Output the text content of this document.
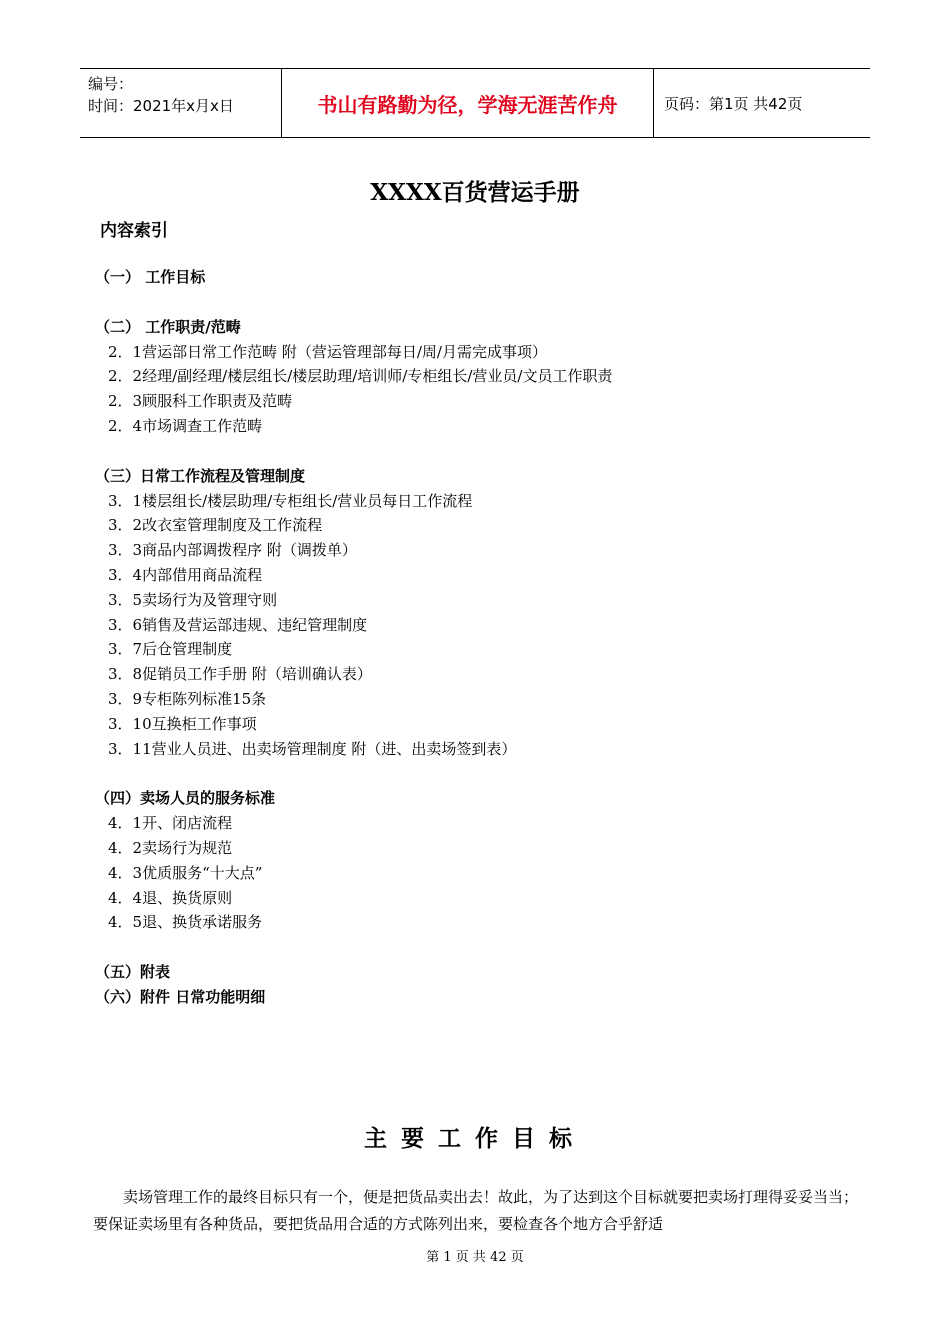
编号：
时间：2021年x月x日	书山有路勤为径，学海无涯苦作舟	页码：第1页 共42页
XXXX百货营运手册
内容索引
（一） 工作目标
（二） 工作职责/范畴
2．1营运部日常工作范畴 附（营运管理部每日/周/月需完成事项）
2．2经理/副经理/楼层组长/楼层助理/培训师/专柜组长/营业员/文员工作职责
2．3顾服科工作职责及范畴
2．4市场调查工作范畴
（三）日常工作流程及管理制度
3．1楼层组长/楼层助理/专柜组长/营业员每日工作流程
3．2改衣室管理制度及工作流程
3．3商品内部调拨程序 附（调拨单）
3．4内部借用商品流程
3．5卖场行为及管理守则
3．6销售及营运部违规、违纪管理制度
3．7后仓管理制度
3．8促销员工作手册 附（培训确认表）
3．9专柜陈列标准15条
3．10互换柜工作事项
3．11营业人员进、出卖场管理制度 附（进、出卖场签到表）
（四）卖场人员的服务标准
4．1开、闭店流程
4．2卖场行为规范
4．3优质服务“十大点”
4．4退、换货原则
4．5退、换货承诺服务
（五）附表
（六）附件 日常功能明细
主要工作目标
卖场管理工作的最终目标只有一个，便是把货品卖出去！故此，为了达到这个目标就要把卖场打理得妥妥当当；要保证卖场里有各种货品，要把货品用合适的方式陈列出来，要检查各个地方合乎舒适
第 1 页 共 42 页
